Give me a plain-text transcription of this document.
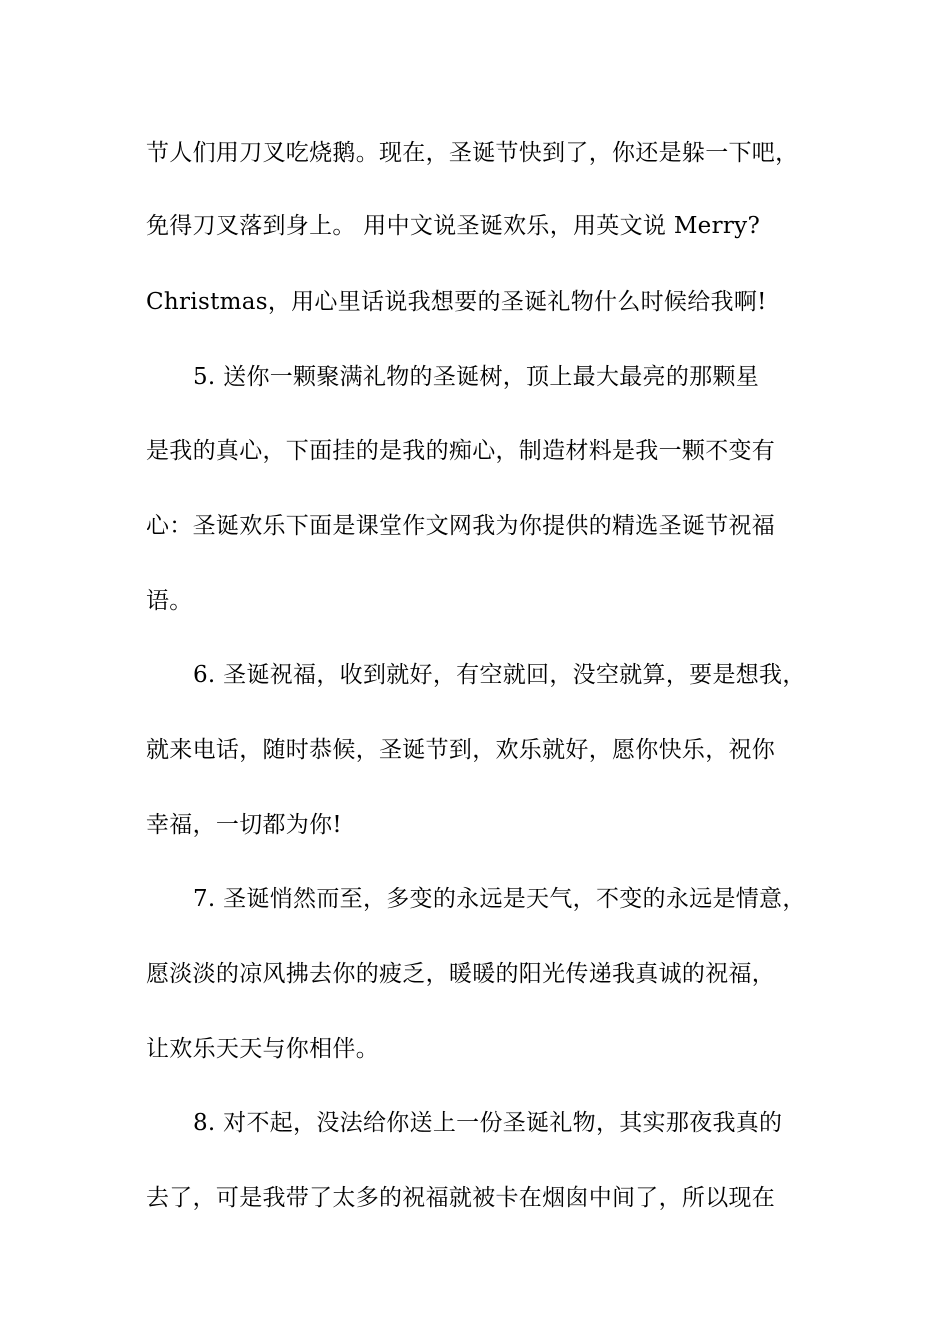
节人们用刀叉吃烧鹅。现在，圣诞节快到了，你还是躲一下吧，
免得刀叉落到身上。 用中文说圣诞欢乐，用英文说 Merry?
Christmas，用心里话说我想要的圣诞礼物什么时候给我啊!
5. 送你一颗聚满礼物的圣诞树，顶上最大最亮的那颗星
是我的真心，下面挂的是我的痴心，制造材料是我一颗不变有
心：圣诞欢乐下面是课堂作文网我为你提供的精选圣诞节祝福
语。
6. 圣诞祝福，收到就好，有空就回，没空就算，要是想我，
就来电话，随时恭候，圣诞节到，欢乐就好，愿你快乐，祝你
幸福，一切都为你!
7. 圣诞悄然而至，多变的永远是天气，不变的永远是情意，
愿淡淡的凉风拂去你的疲乏，暖暖的阳光传递我真诚的祝福，
让欢乐天天与你相伴。
8. 对不起，没法给你送上一份圣诞礼物，其实那夜我真的
去了，可是我带了太多的祝福就被卡在烟囱中间了，所以现在
